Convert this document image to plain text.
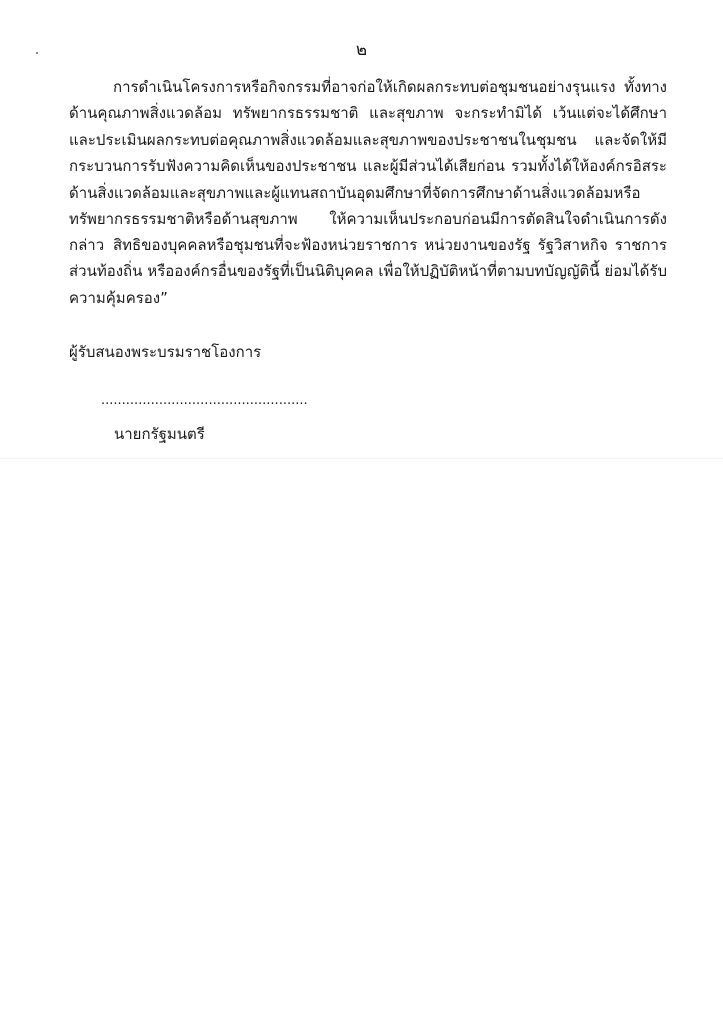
๒

การดำเนินโครงการหรือกิจกรรมที่อาจก่อให้เกิดผลกระทบต่อชุมชนอย่างรุนแรง ทั้งทางด้านคุณภาพสิ่งแวดล้อม ทรัพยากรธรรมชาติ และสุขภาพ จะกระทำมิได้ เว้นแต่จะได้ศึกษาและประเมินผลกระทบต่อคุณภาพสิ่งแวดล้อมและสุขภาพของประชาชนในชุมชน และจัดให้มีกระบวนการรับฟังความคิดเห็นของประชาชน และผู้มีส่วนได้เสียก่อน รวมทั้งได้ให้องค์กรอิสระด้านสิ่งแวดล้อมและสุขภาพและผู้แทนสถาบันอุดมศึกษาที่จัดการศึกษาด้านสิ่งแวดล้อมหรือทรัพยากรธรรมชาติหรือด้านสุขภาพ ให้ความเห็นประกอบก่อนมีการตัดสินใจดำเนินการดังกล่าว สิทธิของบุคคลหรือชุมชนที่จะฟ้องหน่วยราชการ หน่วยงานของรัฐ รัฐวิสาหกิจ ราชการส่วนท้องถิ่น หรือองค์กรอื่นของรัฐที่เป็นนิติบุคคล เพื่อให้ปฏิบัติหน้าที่ตามบทบัญญัตินี้ ย่อมได้รับความคุ้มครอง”

ผู้รับสนองพระบรมราชโองการ
..................................................
นายกรัฐมนตรี
